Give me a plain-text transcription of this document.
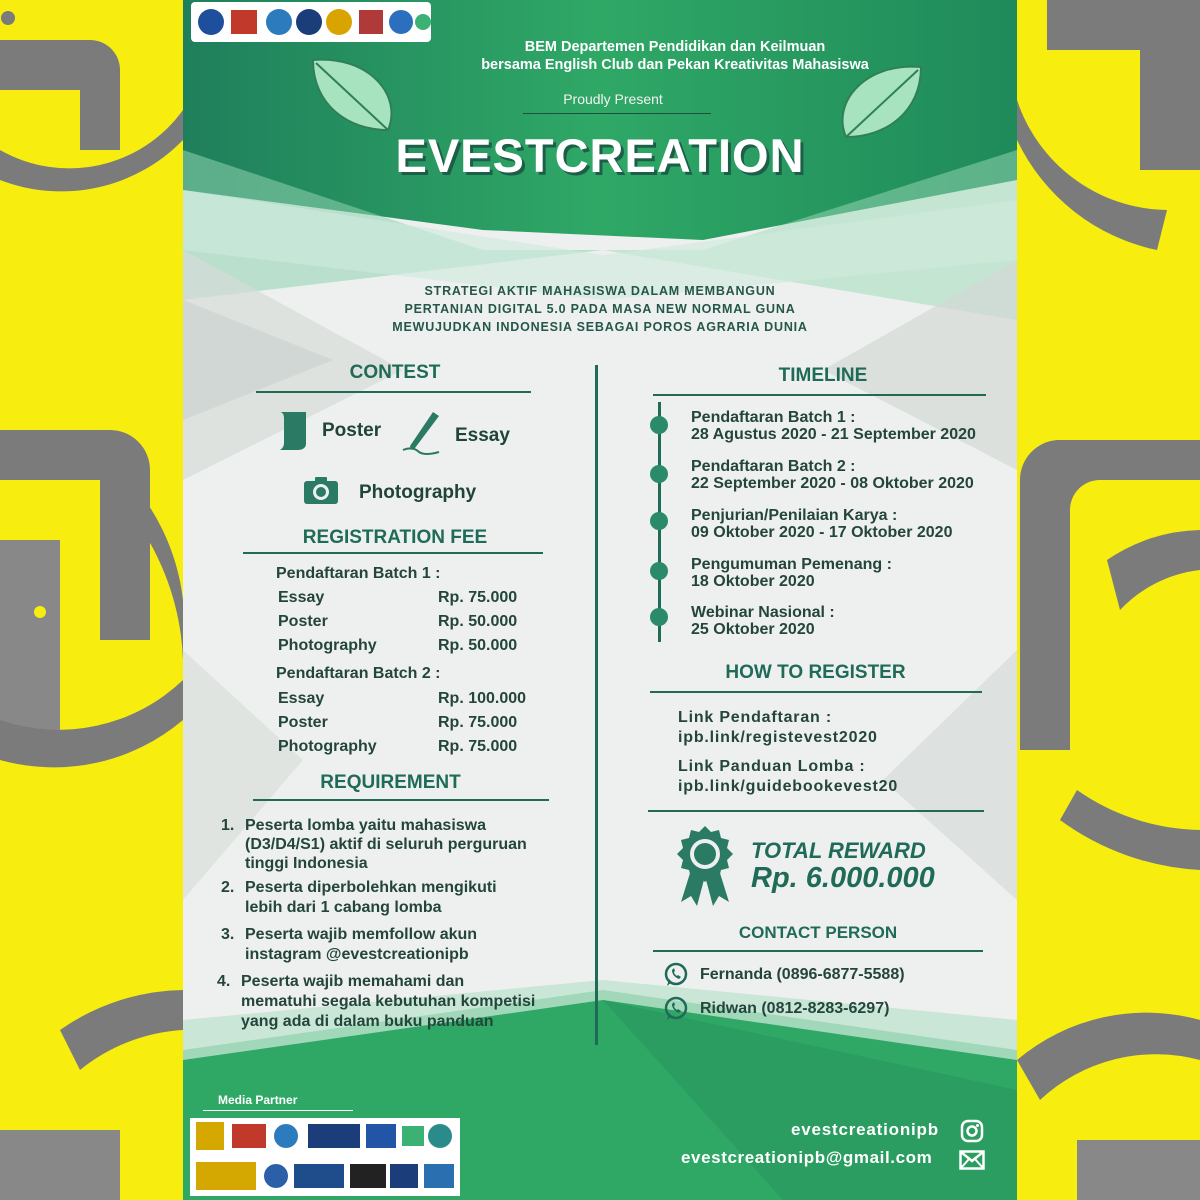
BEM Departemen Pendidikan dan Keilmuan
bersama English Club dan Pekan Kreativitas Mahasiswa
Proudly Present
EVESTCREATION
STRATEGI AKTIF MAHASISWA DALAM MEMBANGUN
PERTANIAN DIGITAL 5.0 PADA MASA NEW NORMAL GUNA
MEWUJUDKAN INDONESIA SEBAGAI POROS AGRARIA DUNIA
CONTEST
Poster	Essay
Photography
REGISTRATION FEE
Pendaftaran Batch 1 :
Essay	Rp. 75.000
Poster	Rp. 50.000
Photography	Rp. 50.000
Pendaftaran Batch 2 :
Essay	Rp. 100.000
Poster	Rp. 75.000
Photography	Rp. 75.000
REQUIREMENT
1. Peserta lomba yaitu mahasiswa
(D3/D4/S1) aktif di seluruh perguruan
tinggi Indonesia
2. Peserta diperbolehkan mengikuti
lebih dari 1 cabang lomba
3. Peserta wajib memfollow akun
instagram @evestcreationipb
4. Peserta wajib memahami dan
mematuhi segala kebutuhan kompetisi
yang ada di dalam buku panduan
TIMELINE
Pendaftaran Batch 1 :
28 Agustus 2020 - 21 September 2020
Pendaftaran Batch 2 :
22 September 2020 - 08 Oktober 2020
Penjurian/Penilaian Karya :
09 Oktober 2020 - 17 Oktober 2020
Pengumuman Pemenang :
18 Oktober 2020
Webinar Nasional :
25 Oktober 2020
HOW TO REGISTER
Link Pendaftaran :
ipb.link/registevest2020
Link Panduan Lomba :
ipb.link/guidebookevest20
TOTAL REWARD
Rp. 6.000.000
CONTACT PERSON
Fernanda (0896-6877-5588)
Ridwan (0812-8283-6297)
Media Partner
evestcreationipb
evestcreationipb@gmail.com
